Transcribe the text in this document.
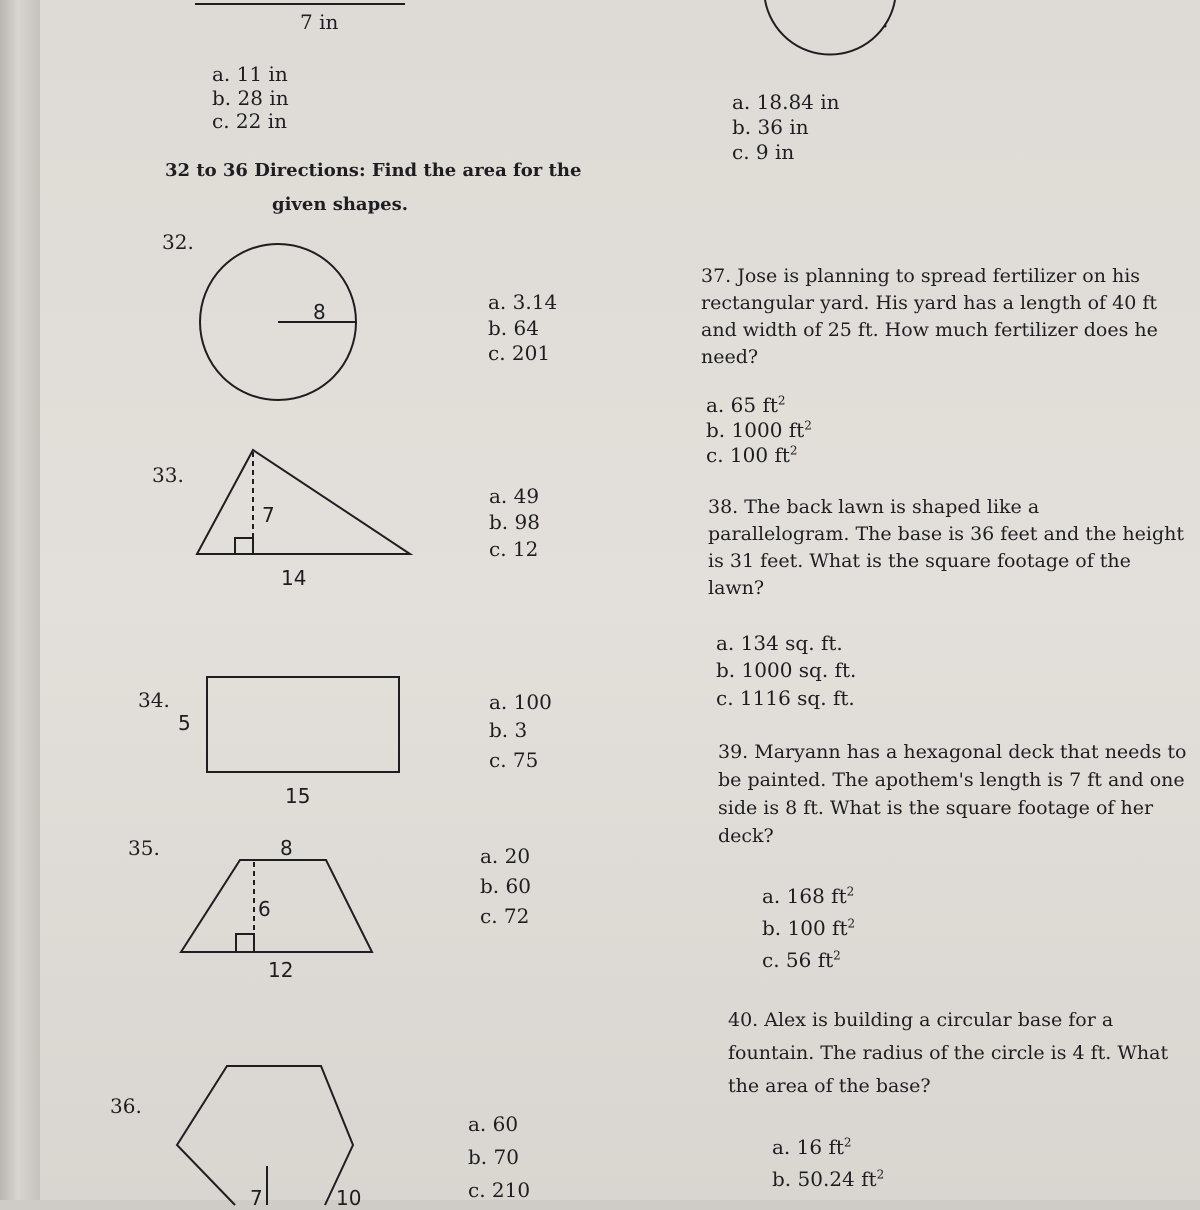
7 in
a. 11 in
b. 28 in
c. 22 in
a. 18.84 in
b. 36 in
c. 9 in
32 to 36 Directions: Find the area for the
given shapes.
32.
8	a. 3.14
b. 64
c. 201
33.
7
14
a. 49
b. 98
c. 12
34.
5
15
a. 100
b. 3
c. 75
35.	8
6
12
a. 20
b. 60
c. 72
36.
7	10
a. 60
b. 70
c. 210
37. Jose is planning to spread fertilizer on his
rectangular yard. His yard has a length of 40 ft
and width of 25 ft. How much fertilizer does he
need?
a. 65 $ft^2$
b. 1000 $ft^2$
c. 100 $ft^2$
38. The back lawn is shaped like a
parallelogram. The base is 36 feet and the height
is 31 feet. What is the square footage of the
lawn?
a. 134 sq. ft.
b. 1000 sq. ft.
c. 1116 sq. ft.
39. Maryann has a hexagonal deck that needs to
be painted. The apothem's length is 7 ft and one
side is 8 ft. What is the square footage of her
deck?
a. 168 $ft^2$
b. 100 $ft^2$
c. 56 $ft^2$
40. Alex is building a circular base for a
fountain. The radius of the circle is 4 ft. What
the area of the base?
a. 16 $ft^2$
b. 50.24 $ft^2$
